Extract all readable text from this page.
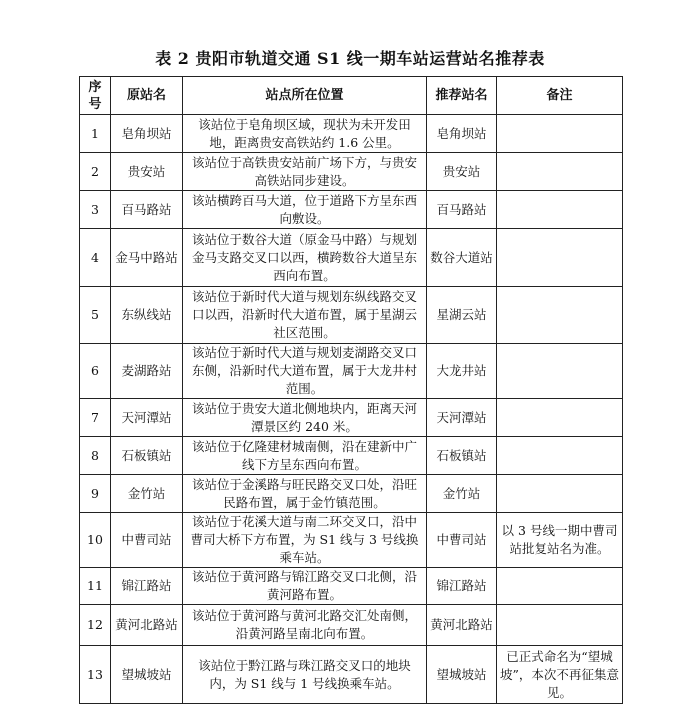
表 2 贵阳市轨道交通 S1 线一期车站运营站名推荐表
序号	原站名	站点所在位置	推荐站名	备注
1	皂角坝站	该站位于皂角坝区域，现状为未开发田地，距离贵安高铁站约 1.6 公里。	皂角坝站	
2	贵安站	该站位于高铁贵安站前广场下方，与贵安高铁站同步建设。	贵安站	
3	百马路站	该站横跨百马大道，位于道路下方呈东西向敷设。	百马路站	
4	金马中路站	该站位于数谷大道（原金马中路）与规划金马支路交叉口以西，横跨数谷大道呈东西向布置。	数谷大道站	
5	东纵线站	该站位于新时代大道与规划东纵线路交叉口以西，沿新时代大道布置，属于星湖云社区范围。	星湖云站	
6	麦湖路站	该站位于新时代大道与规划麦湖路交叉口东侧，沿新时代大道布置，属于大龙井村范围。	大龙井站	
7	天河潭站	该站位于贵安大道北侧地块内，距离天河潭景区约 240 米。	天河潭站	
8	石板镇站	该站位于亿隆建材城南侧，沿在建新中广线下方呈东西向布置。	石板镇站	
9	金竹站	该站位于金溪路与旺民路交叉口处，沿旺民路布置，属于金竹镇范围。	金竹站	
10	中曹司站	该站位于花溪大道与南二环交叉口，沿中曹司大桥下方布置，为 S1 线与 3 号线换乘车站。	中曹司站	以 3 号线一期中曹司站批复站名为准。
11	锦江路站	该站位于黄河路与锦江路交叉口北侧，沿黄河路布置。	锦江路站	
12	黄河北路站	该站位于黄河路与黄河北路交汇处南侧，沿黄河路呈南北向布置。	黄河北路站	
13	望城坡站	该站位于黔江路与珠江路交叉口的地块内，为 S1 线与 1 号线换乘车站。	望城坡站	已正式命名为“望城坡”，本次不再征集意见。
